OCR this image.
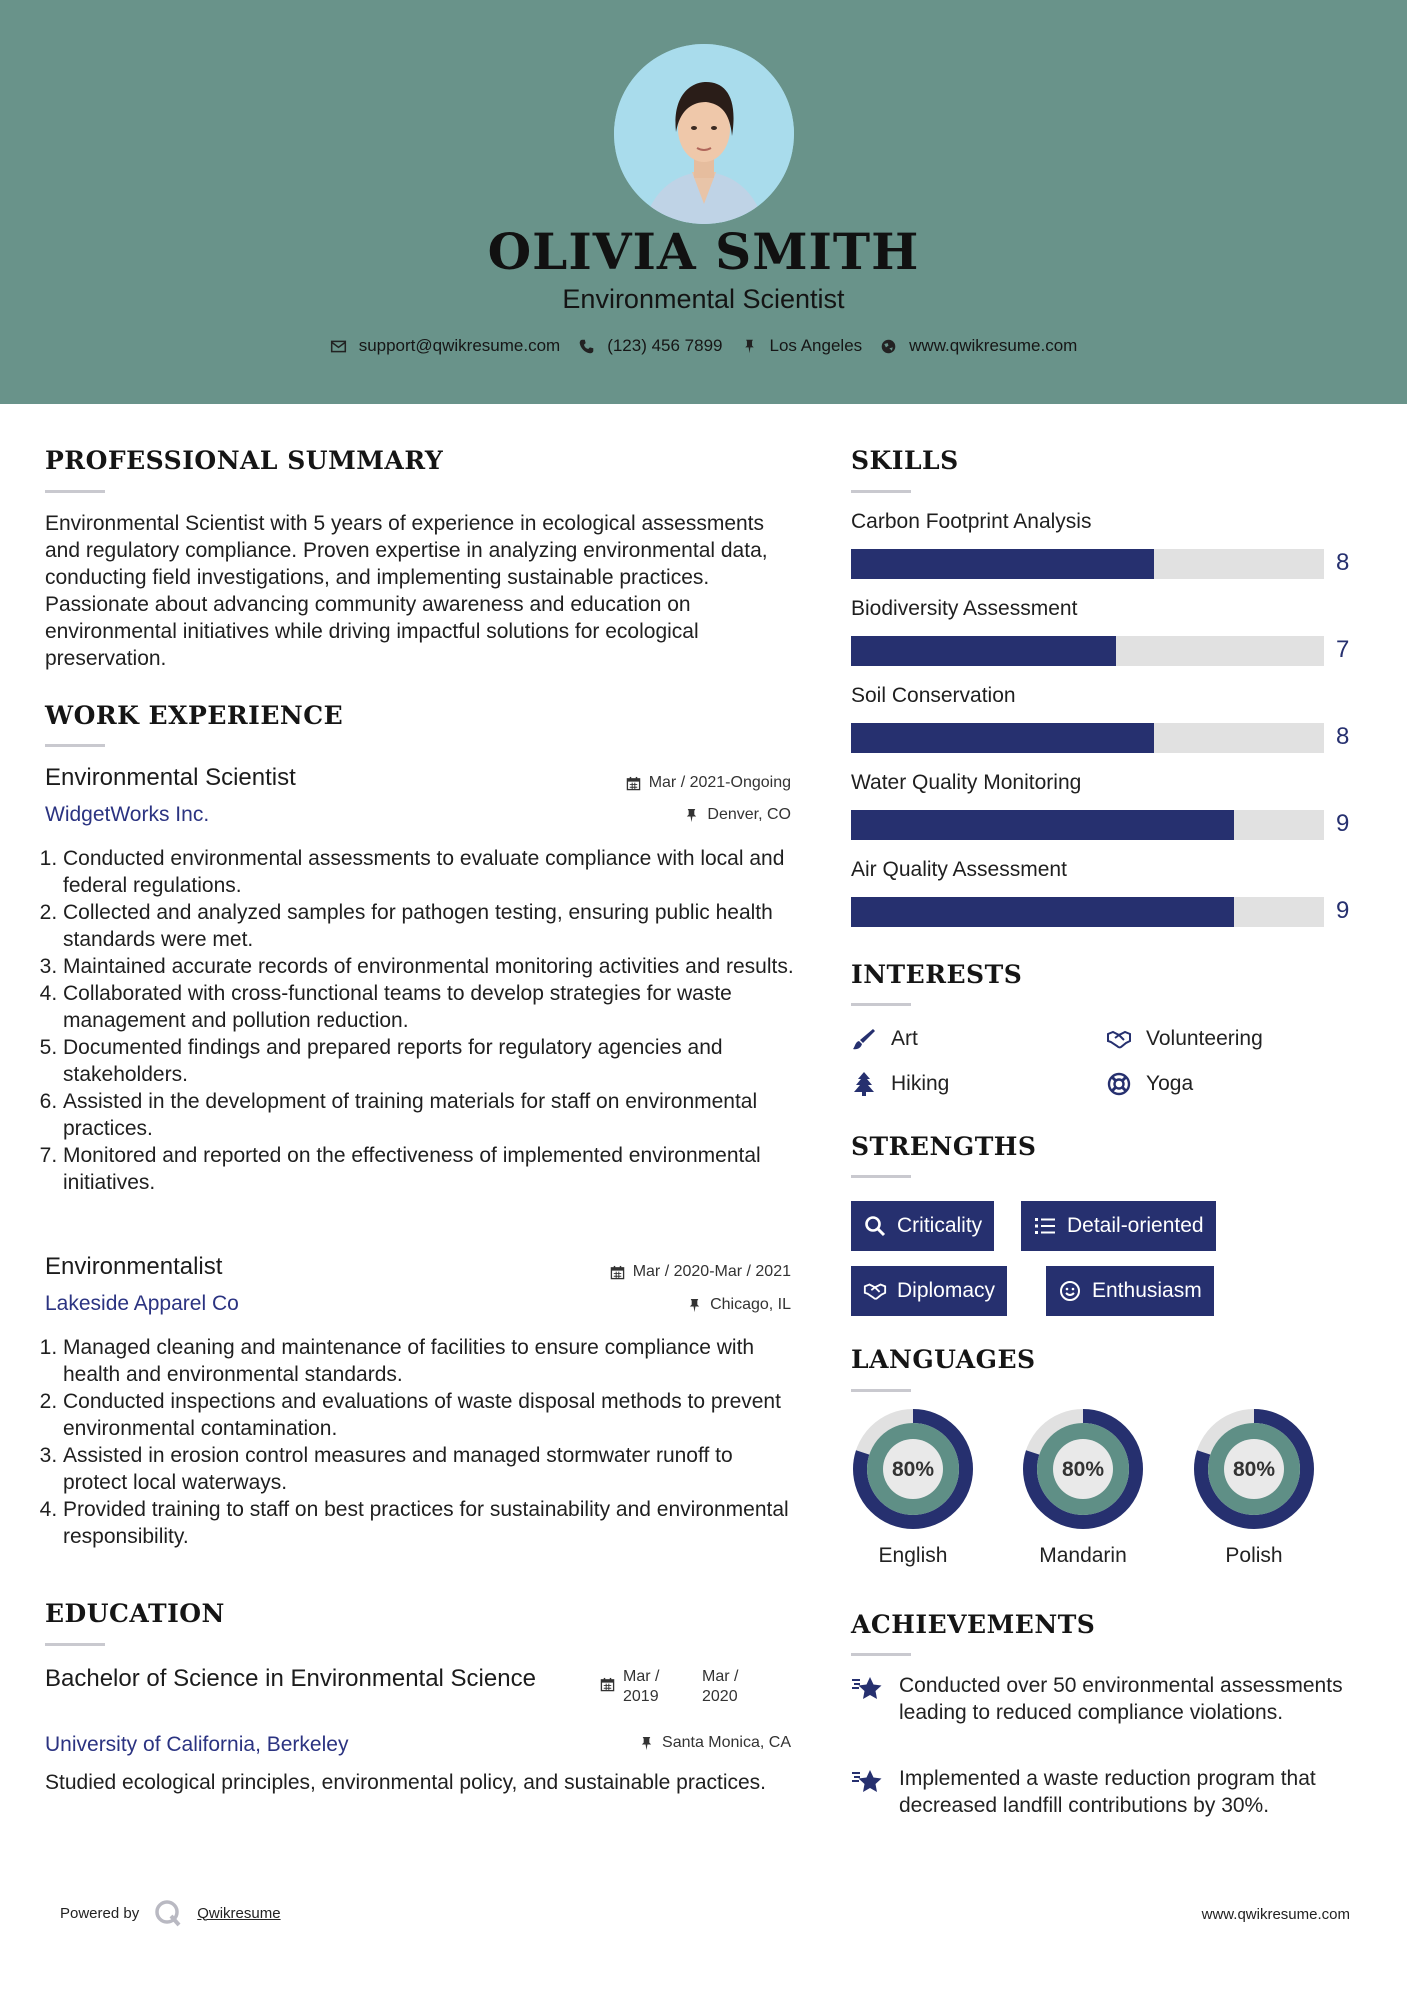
OLIVIA SMITH
Environmental Scientist
support@qwikresume.com	(123) 456 7899	Los Angeles	www.qwikresume.com
PROFESSIONAL SUMMARY
Environmental Scientist with 5 years of experience in ecological assessments and regulatory compliance. Proven expertise in analyzing environmental data, conducting field investigations, and implementing sustainable practices. Passionate about advancing community awareness and education on environmental initiatives while driving impactful solutions for ecological preservation.
WORK EXPERIENCE
Environmental Scientist
WidgetWorks Inc.
Mar / 2021-Ongoing
Denver, CO
1. Conducted environmental assessments to evaluate compliance with local and federal regulations.
2. Collected and analyzed samples for pathogen testing, ensuring public health standards were met.
3. Maintained accurate records of environmental monitoring activities and results.
4. Collaborated with cross-functional teams to develop strategies for waste management and pollution reduction.
5. Documented findings and prepared reports for regulatory agencies and stakeholders.
6. Assisted in the development of training materials for staff on environmental practices.
7. Monitored and reported on the effectiveness of implemented environmental initiatives.
Environmentalist
Lakeside Apparel Co
Mar / 2020-Mar / 2021
Chicago, IL
1. Managed cleaning and maintenance of facilities to ensure compliance with health and environmental standards.
2. Conducted inspections and evaluations of waste disposal methods to prevent environmental contamination.
3. Assisted in erosion control measures and managed stormwater runoff to protect local waterways.
4. Provided training to staff on best practices for sustainability and environmental responsibility.
EDUCATION
Bachelor of Science in Environmental Science	Mar / 2019
Mar / 2020
University of California, Berkeley	Santa Monica, CA
Studied ecological principles, environmental policy, and sustainable practices.
SKILLS
Carbon Footprint Analysis
8
Biodiversity Assessment
7
Soil Conservation
8
Water Quality Monitoring
9
Air Quality Assessment
9
INTERESTS
Art	Volunteering
Hiking	Yoga
STRENGTHS
Criticality	Detail-oriented
Diplomacy	Enthusiasm
LANGUAGES
80%
English
80%
Mandarin
80%
Polish
ACHIEVEMENTS
Conducted over 50 environmental assessments leading to reduced compliance violations.
Implemented a waste reduction program that decreased landfill contributions by 30%.
Powered by	Qwikresume	www.qwikresume.com
